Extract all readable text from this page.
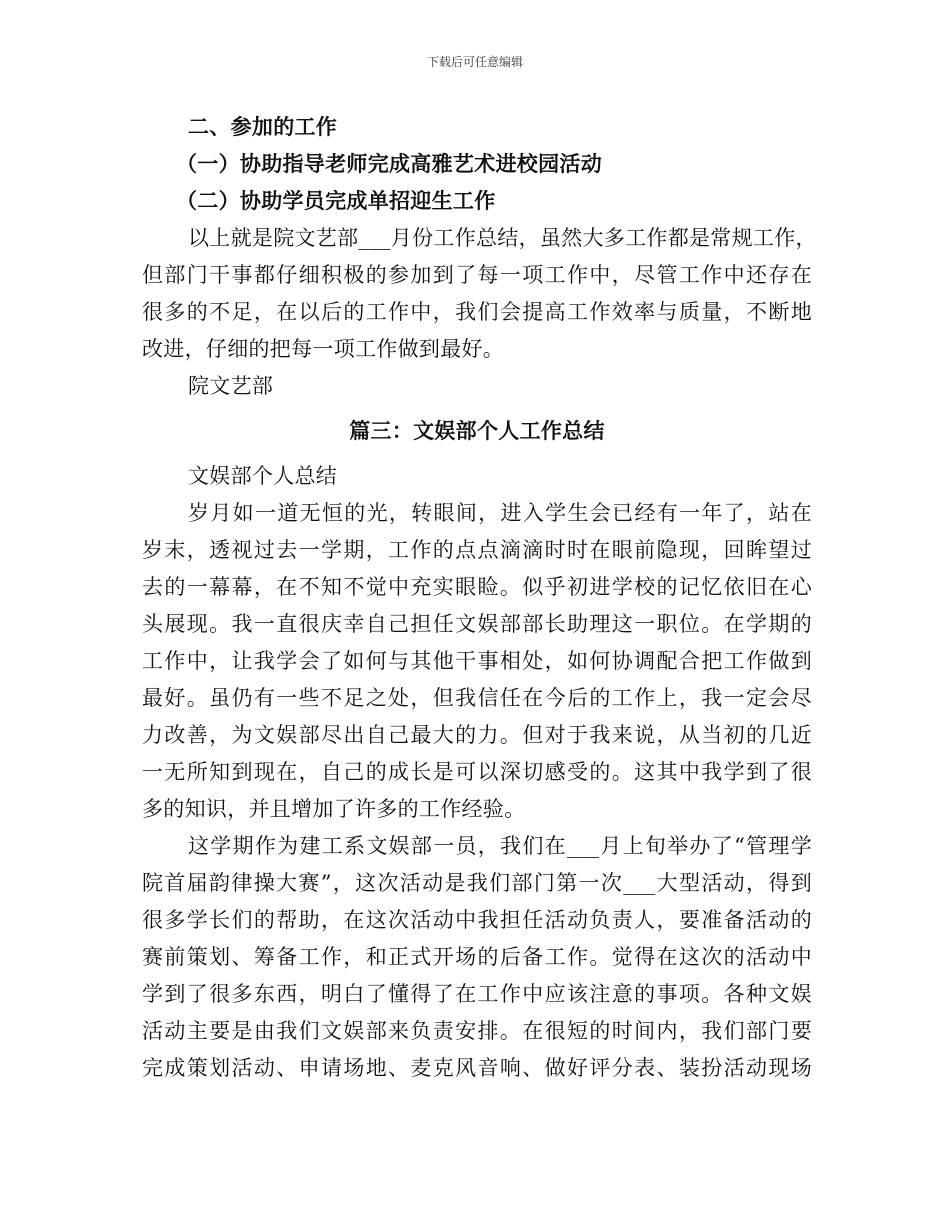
下载后可任意编辑
二、参加的工作
（一）协助指导老师完成高雅艺术进校园活动
（二）协助学员完成单招迎生工作
以上就是院文艺部___月份工作总结，虽然大多工作都是常规工作，
但部门干事都仔细积极的参加到了每一项工作中，尽管工作中还存在
很多的不足，在以后的工作中，我们会提高工作效率与质量，不断地
改进，仔细的把每一项工作做到最好。
院文艺部
篇三：文娱部个人工作总结
文娱部个人总结
岁月如一道无恒的光，转眼间，进入学生会已经有一年了，站在
岁末，透视过去一学期，工作的点点滴滴时时在眼前隐现，回眸望过
去的一幕幕，在不知不觉中充实眼睑。似乎初进学校的记忆依旧在心
头展现。我一直很庆幸自己担任文娱部部长助理这一职位。在学期的
工作中，让我学会了如何与其他干事相处，如何协调配合把工作做到
最好。虽仍有一些不足之处，但我信任在今后的工作上，我一定会尽
力改善，为文娱部尽出自己最大的力。但对于我来说，从当初的几近
一无所知到现在，自己的成长是可以深切感受的。这其中我学到了很
多的知识，并且增加了许多的工作经验。
这学期作为建工系文娱部一员，我们在___月上旬举办了“管理学
院首届韵律操大赛”，这次活动是我们部门第一次___大型活动，得到
很多学长们的帮助，在这次活动中我担任活动负责人，要准备活动的
赛前策划、筹备工作，和正式开场的后备工作。觉得在这次的活动中
学到了很多东西，明白了懂得了在工作中应该注意的事项。各种文娱
活动主要是由我们文娱部来负责安排。在很短的时间内，我们部门要
完成策划活动、申请场地、麦克风音响、做好评分表、装扮活动现场
